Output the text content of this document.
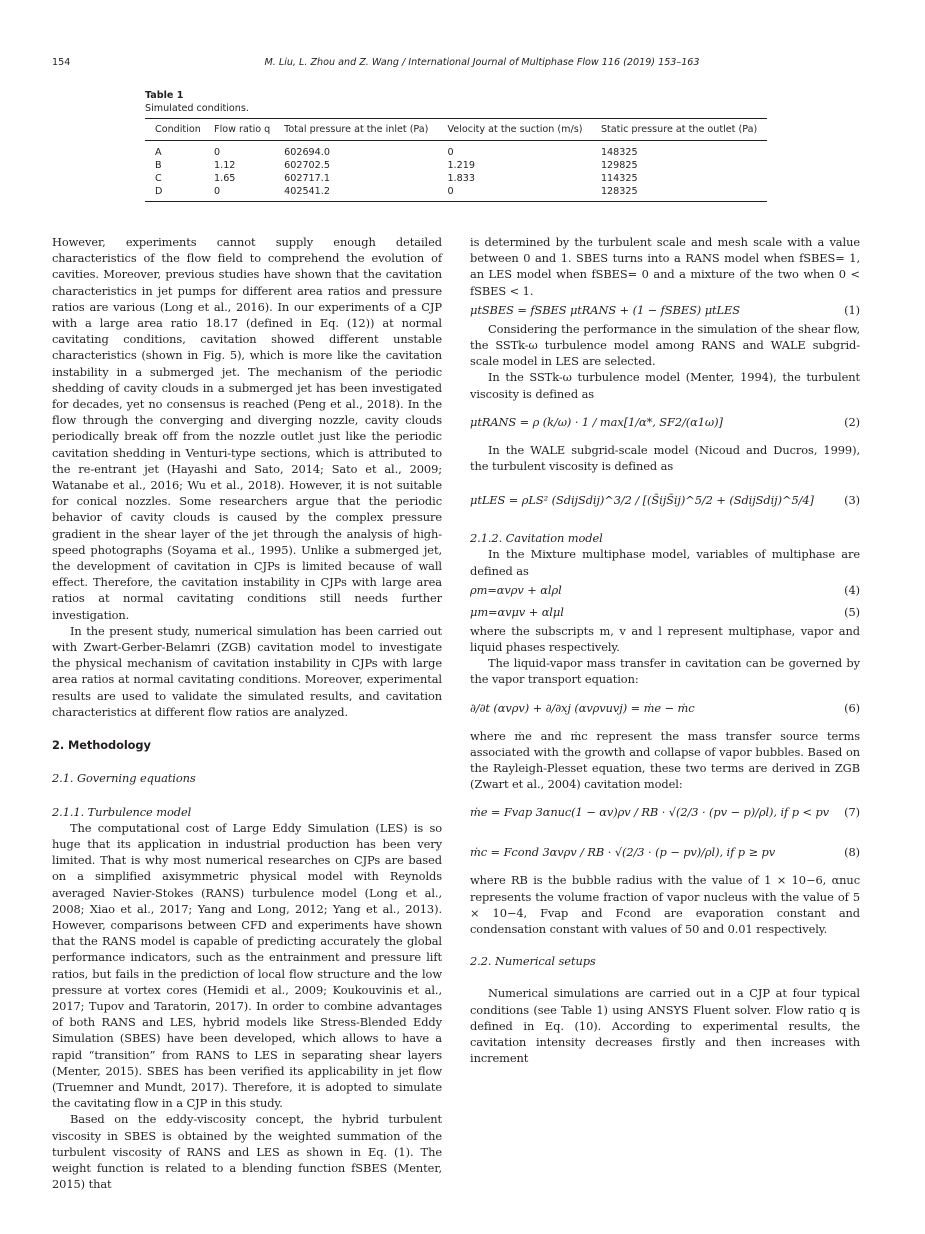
154	M. Liu, L. Zhou and Z. Wang / International Journal of Multiphase Flow 116 (2019) 153–163
Table 1
Simulated conditions.
Condition	Flow ratio q	Total pressure at the inlet (Pa)	Velocity at the suction (m/s)	Static pressure at the outlet (Pa)
A	0	602694.0	0	148325
B	1.12	602702.5	1.219	129825
C	1.65	602717.1	1.833	114325
D	0	402541.2	0	128325

However, experiments cannot supply enough detailed characteristics of the flow field to comprehend the evolution of cavities. Moreover, previous studies have shown that the cavitation characteristics in jet pumps for different area ratios and pressure ratios are various (Long et al., 2016). In our experiments of a CJP with a large area ratio 18.17 (defined in Eq. (12)) at normal cavitating conditions, cavitation showed different unstable characteristics (shown in Fig. 5), which is more like the cavitation instability in a submerged jet. The mechanism of the periodic shedding of cavity clouds in a submerged jet has been investigated for decades, yet no consensus is reached (Peng et al., 2018). In the flow through the converging and diverging nozzle, cavity clouds periodically break off from the nozzle outlet just like the periodic cavitation shedding in Venturi-type sections, which is attributed to the re-entrant jet (Hayashi and Sato, 2014; Sato et al., 2009; Watanabe et al., 2016; Wu et al., 2018). However, it is not suitable for conical nozzles. Some researchers argue that the periodic behavior of cavity clouds is caused by the complex pressure gradient in the shear layer of the jet through the analysis of high-speed photographs (Soyama et al., 1995). Unlike a submerged jet, the development of cavitation in CJPs is limited because of wall effect. Therefore, the cavitation instability in CJPs with large area ratios at normal cavitating conditions still needs further investigation.

In the present study, numerical simulation has been carried out with Zwart-Gerber-Belamri (ZGB) cavitation model to investigate the physical mechanism of cavitation instability in CJPs with large area ratios at normal cavitating conditions. Moreover, experimental results are used to validate the simulated results, and cavitation characteristics at different flow ratios are analyzed.

2. Methodology
2.1. Governing equations
2.1.1. Turbulence model

The computational cost of Large Eddy Simulation (LES) is so huge that its application in industrial production has been very limited. That is why most numerical researches on CJPs are based on a simplified axisymmetric physical model with Reynolds averaged Navier-Stokes (RANS) turbulence model (Long et al., 2008; Xiao et al., 2017; Yang and Long, 2012; Yang et al., 2013). However, comparisons between CFD and experiments have shown that the RANS model is capable of predicting accurately the global performance indicators, such as the entrainment and pressure lift ratios, but fails in the prediction of local flow structure and the low pressure at vortex cores (Hemidi et al., 2009; Koukouvinis et al., 2017; Tupov and Taratorin, 2017). In order to combine advantages of both RANS and LES, hybrid models like Stress-Blended Eddy Simulation (SBES) have been developed, which allows to have a rapid “transition” from RANS to LES in separating shear layers (Menter, 2015). SBES has been verified its applicability in jet flow (Truemner and Mundt, 2017). Therefore, it is adopted to simulate the cavitating flow in a CJP in this study.

Based on the eddy-viscosity concept, the hybrid turbulent viscosity in SBES is obtained by the weighted summation of the turbulent viscosity of RANS and LES as shown in Eq. (1). The weight function is related to a blending function fSBES (Menter, 2015) that

is determined by the turbulent scale and mesh scale with a value between 0 and 1. SBES turns into a RANS model when fSBES= 1, an LES model when fSBES= 0 and a mixture of the two when 0 < fSBES < 1.

μtSBES = fSBES μtRANS + (1 − fSBES) μtLES	(1)

Considering the performance in the simulation of the shear flow, the SSTk-ω turbulence model among RANS and WALE subgrid-scale model in LES are selected.

In the SSTk-ω turbulence model (Menter, 1994), the turbulent viscosity is defined as

μtRANS = ρ (k/ω) · 1 / max[1/α*, SF2/(α1ω)]	(2)

In the WALE subgrid-scale model (Nicoud and Ducros, 1999), the turbulent viscosity is defined as

μtLES = ρLS² (SdijSdij)^3/2 / [(S̄ijS̄ij)^5/2 + (SdijSdij)^5/4]	(3)
2.1.2. Cavitation model

In the Mixture multiphase model, variables of multiphase are defined as

ρm=αvρv + αlρl	(4)
μm=αvμv + αlμl	(5)

where the subscripts m, v and l represent multiphase, vapor and liquid phases respectively.

The liquid-vapor mass transfer in cavitation can be governed by the vapor transport equation:

∂/∂t (αvρv) + ∂/∂xj (αvρvuvj) = ṁe − ṁc	(6)

where ṁe and ṁc represent the mass transfer source terms associated with the growth and collapse of vapor bubbles. Based on the Rayleigh-Plesset equation, these two terms are derived in ZGB (Zwart et al., 2004) cavitation model:

ṁe = Fvap 3αnuc(1 − αv)ρv / RB · √(2/3 · (pv − p)/ρl), if p < pv (7)
ṁc = Fcond 3αvρv / RB · √(2/3 · (p − pv)/ρl), if p ≥ pv	(8)

where RB is the bubble radius with the value of 1 × 10−6, αnuc represents the volume fraction of vapor nucleus with the value of 5 × 10−4, Fvap and Fcond are evaporation constant and condensation constant with values of 50 and 0.01 respectively.

2.2. Numerical setups

Numerical simulations are carried out in a CJP at four typical conditions (see Table 1) using ANSYS Fluent solver. Flow ratio q is defined in Eq. (10). According to experimental results, the cavitation intensity decreases firstly and then increases with increment
